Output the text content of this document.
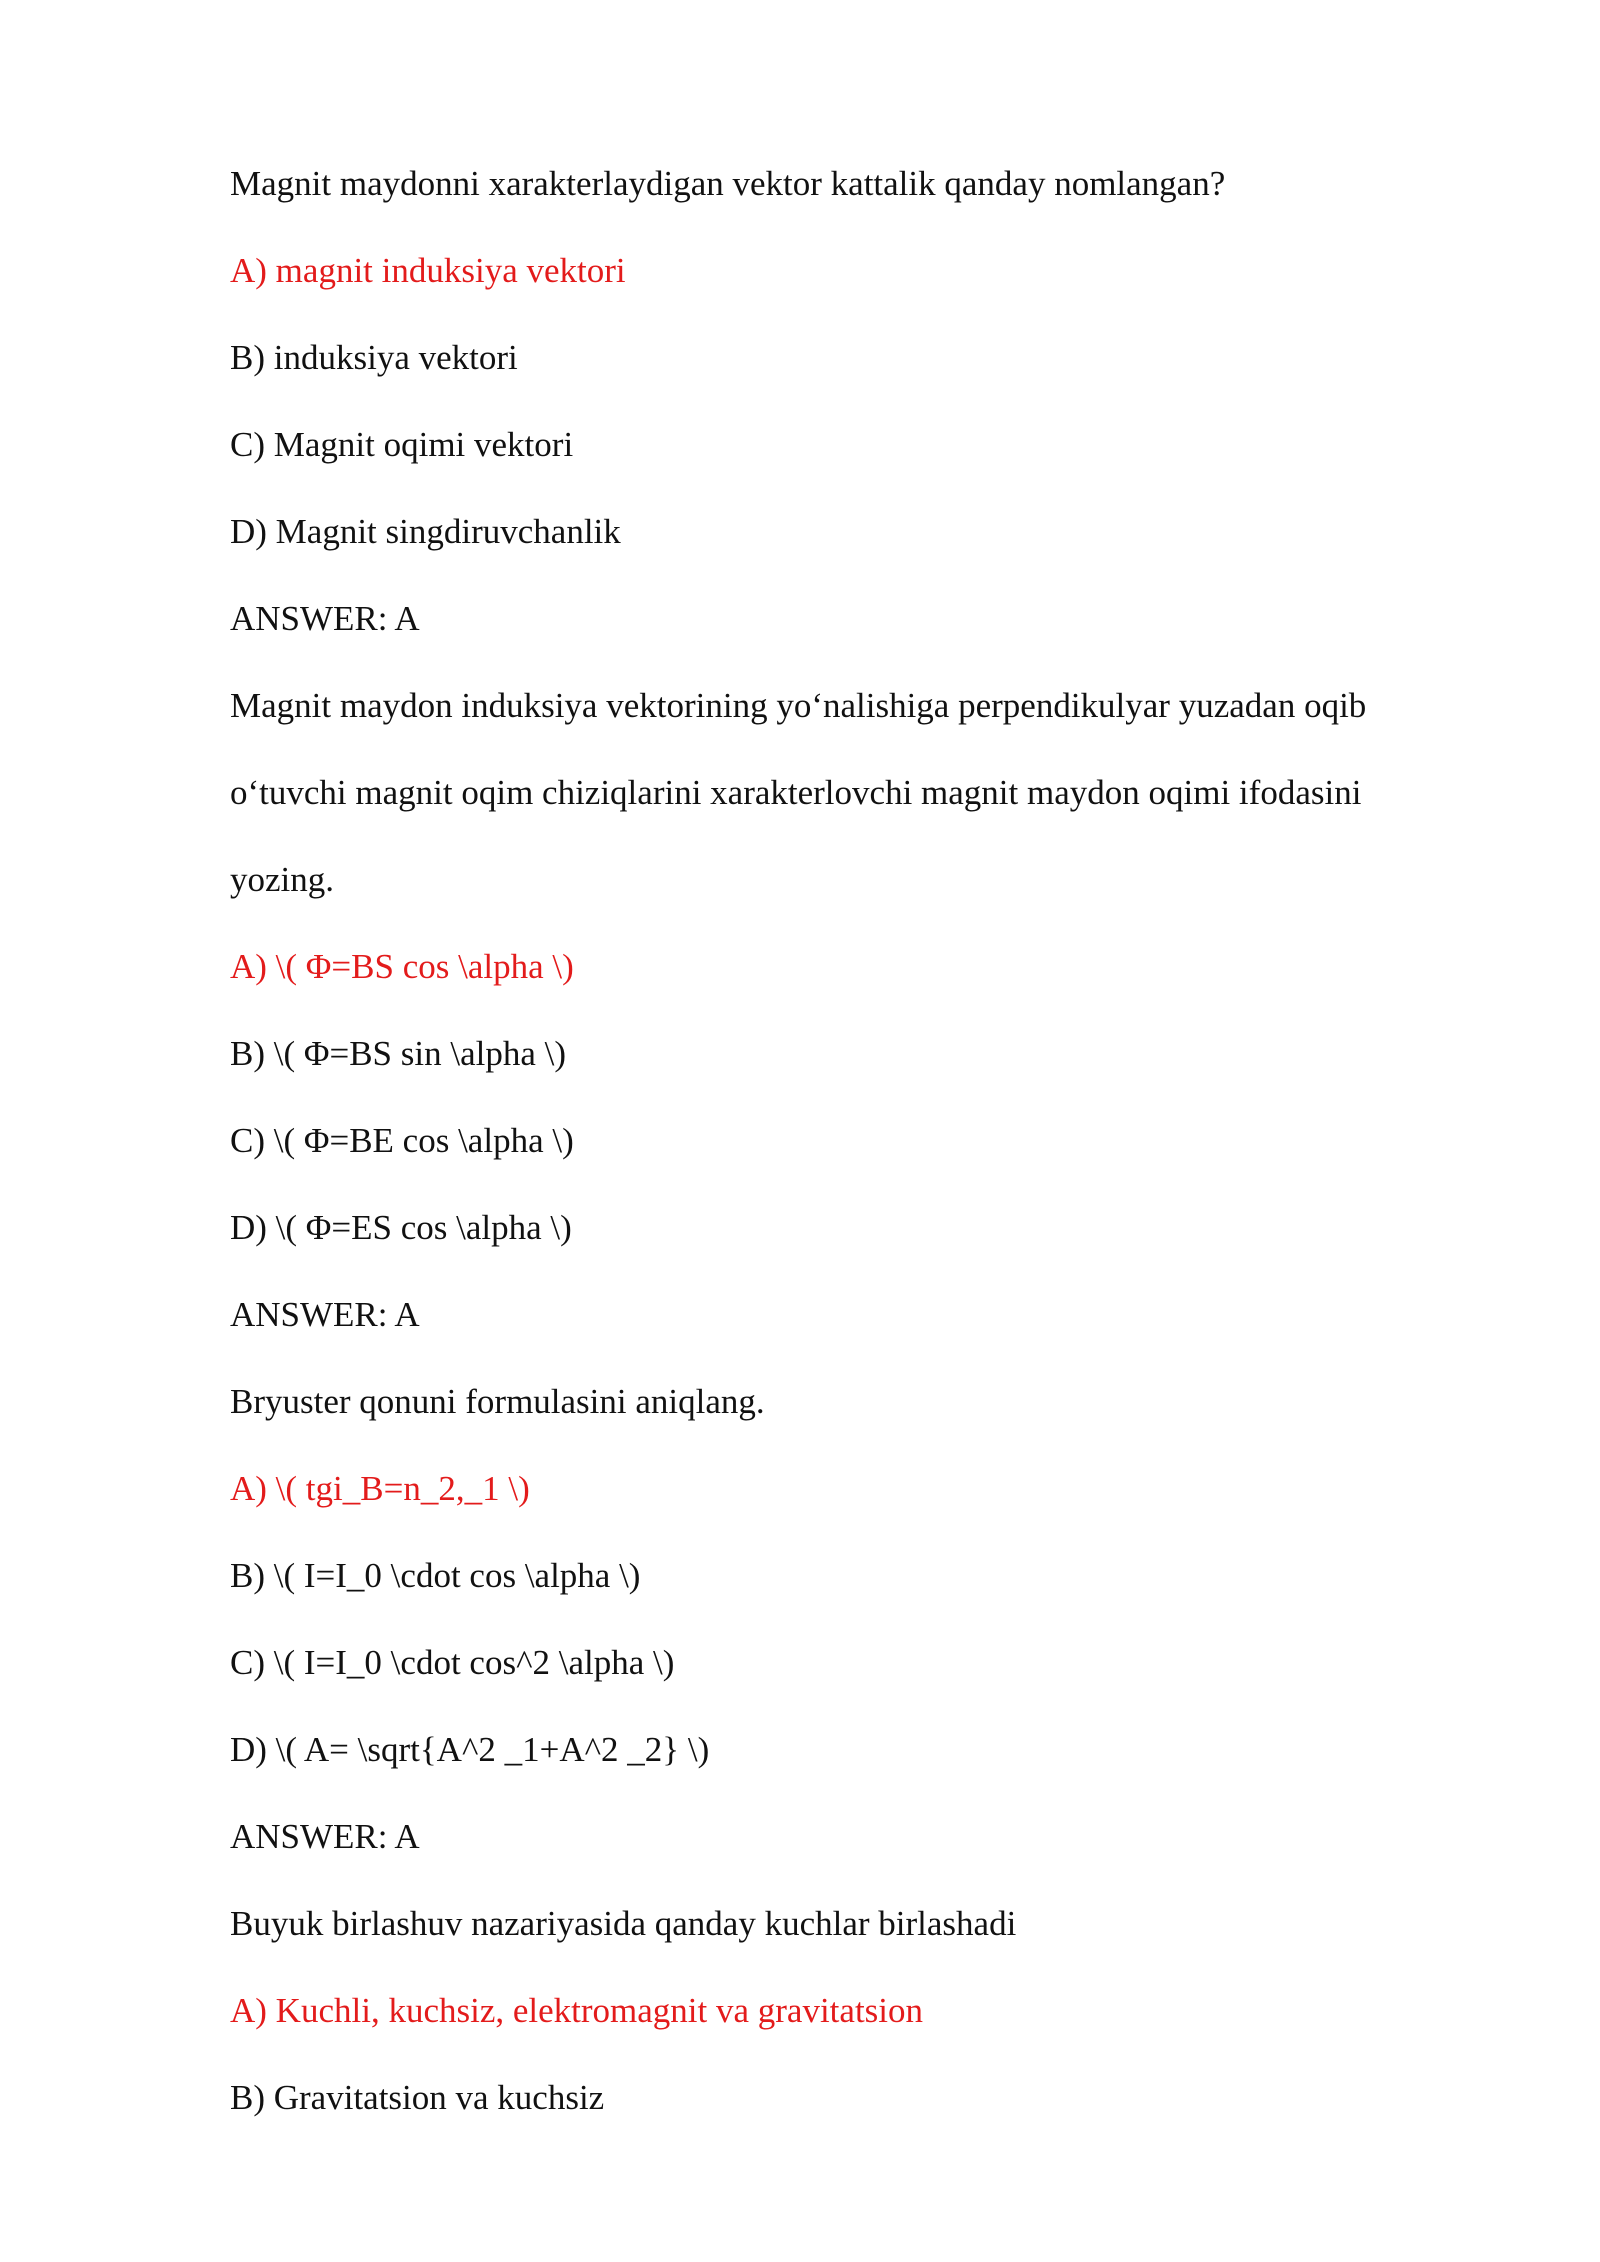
Magnit maydonni xarakterlaydigan vektor kattalik qanday nomlangan?

A) magnit induksiya vektori

B) induksiya vektori

C) Magnit oqimi vektori

D) Magnit singdiruvchanlik

ANSWER: A

Magnit maydon induksiya vektorining yo‘nalishiga perpendikulyar yuzadan oqib

o‘tuvchi magnit oqim chiziqlarini xarakterlovchi magnit maydon oqimi ifodasini

yozing.

A) \( Φ=BS cos \alpha \)

B) \( Φ=BS sin \alpha \)

C) \( Φ=BE cos \alpha \)

D) \( Φ=ES cos \alpha \)

ANSWER: A

Bryuster qonuni formulasini aniqlang.

A) \( tgi_B=n_2,_1 \)

B) \( I=I_0 \cdot cos \alpha \)

C) \( I=I_0 \cdot cos^2 \alpha \)

D) \( A= \sqrt{A^2 _1+A^2 _2} \)

ANSWER: A

Buyuk birlashuv nazariyasida qanday kuchlar birlashadi

A) Kuchli, kuchsiz, elektromagnit va gravitatsion

B) Gravitatsion va kuchsiz
